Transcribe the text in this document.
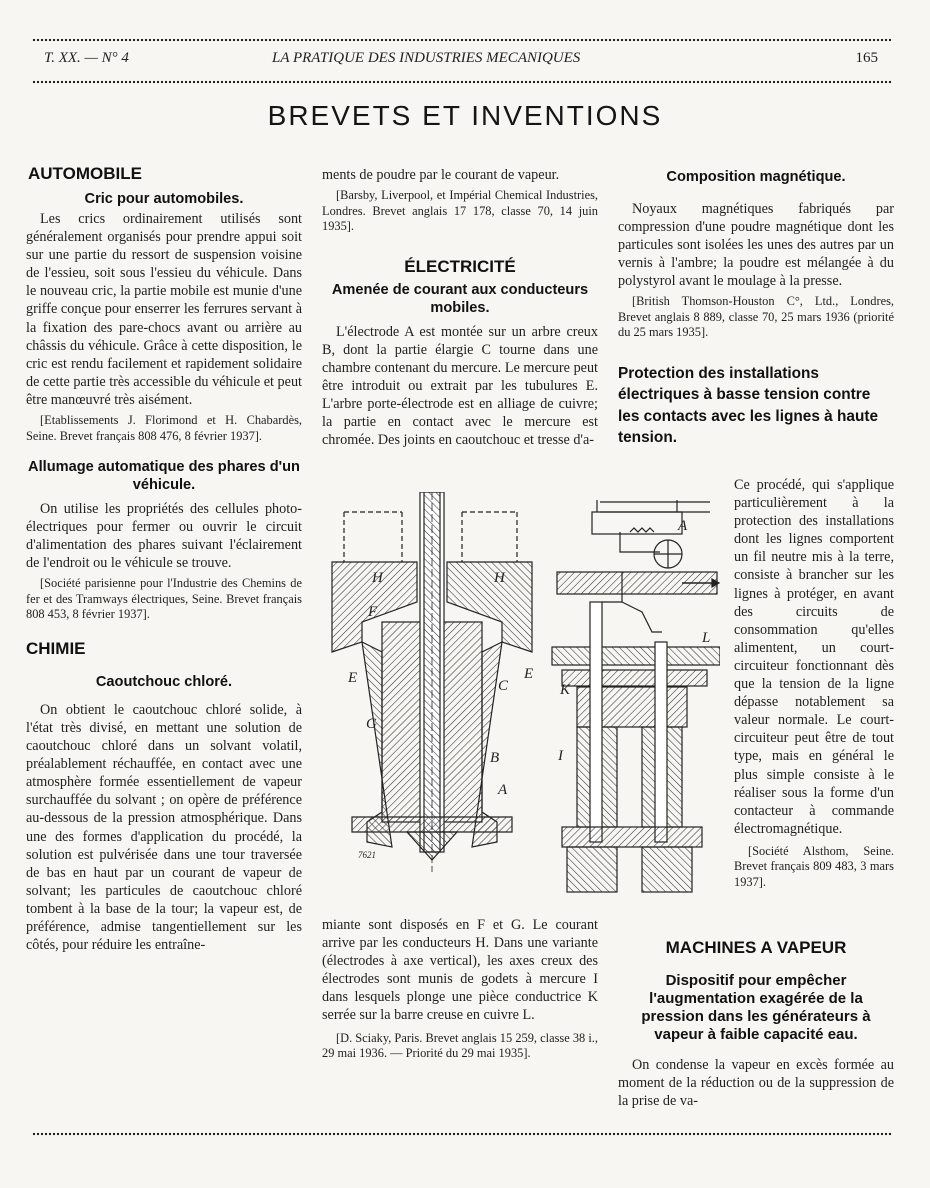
T. XX. — N° 4	LA PRATIQUE DES INDUSTRIES MECANIQUES	165
BREVETS ET INVENTIONS
AUTOMOBILE
Cric pour automobiles.

Les crics ordinairement utilisés sont généralement organisés pour prendre appui soit sur une partie du ressort de suspension voisine de l'essieu, soit sous l'essieu du véhicule. Dans le nouveau cric, la partie mobile est munie d'une griffe conçue pour enserrer les ferrures servant à la fixation des pare-chocs avant ou arrière au châssis du véhicule. Grâce à cette disposition, le cric est rendu facilement et rapidement solidaire de cette partie très accessible du véhicule et peut être manœuvré très aisément.

[Etablissements J. Florimond et H. Chabardès, Seine. Brevet français 808 476, 8 février 1937].

Allumage automatique des phares d'un véhicule.

On utilise les propriétés des cellules photo-électriques pour fermer ou ouvrir le circuit d'alimentation des phares suivant l'éclairement de l'endroit ou le véhicule se trouve.

[Société parisienne pour l'Industrie des Chemins de fer et des Tramways électriques, Seine. Brevet français 808 453, 8 février 1937].

CHIMIE
Caoutchouc chloré.

On obtient le caoutchouc chloré solide, à l'état très divisé, en mettant une solution de caoutchouc chloré dans un solvant volatil, préalablement réchauffée, en contact avec une atmosphère formée essentiellement de vapeur surchauffée du solvant ; on opère de préférence au-dessous de la pression atmosphérique. Dans une des formes d'application du procédé, la solution est pulvérisée dans une tour traversée de bas en haut par un courant de vapeur de solvant; les particules de caoutchouc chloré tombent à la base de la tour; la vapeur est, de préférence, admise tangentiellement sur les côtés, pour réduire les entraîne-

ments de poudre par le courant de vapeur.

[Barsby, Liverpool, et Impérial Chemical Industries, Londres. Brevet anglais 17 178, classe 70, 14 juin 1935].

ÉLECTRICITÉ
Amenée de courant aux conducteurs mobiles.

L'électrode A est montée sur un arbre creux B, dont la partie élargie C tourne dans une chambre contenant du mercure. Le mercure peut être introduit ou extrait par les tubulures E. L'arbre porte-électrode est en alliage de cuivre; la partie en contact avec le mercure est chromée. Des joints en caoutchouc et tresse d'a-

H	H
F
E	E
C
G
B
A
A
L
K
I
7621

miante sont disposés en F et G. Le courant arrive par les conducteurs H. Dans une variante (électrodes à axe vertical), les axes creux des électrodes sont munis de godets à mercure I dans lesquels plonge une pièce conductrice K serrée sur la barre creuse en cuivre L.

[D. Sciaky, Paris. Brevet anglais 15 259, classe 38 i., 29 mai 1936. — Priorité du 29 mai 1935].

Composition magnétique.

Noyaux magnétiques fabriqués par compression d'une poudre magnétique dont les particules sont isolées les unes des autres par un vernis à l'ambre; la poudre est mélangée à du polystyrol avant le moulage à la presse.

[British Thomson-Houston C°, Ltd., Londres, Brevet anglais 8 889, classe 70, 25 mars 1936 (priorité du 25 mars 1935].

Protection des installations électriques à basse tension contre les contacts avec les lignes à haute tension.

Ce procédé, qui s'applique particulièrement à la protection des installations dont les lignes comportent un fil neutre mis à la terre, consiste à brancher sur les lignes à protéger, en avant des circuits de consommation qu'elles alimentent, un court-circuiteur fonctionnant dès que la tension de la ligne dépasse notablement sa valeur normale. Le court-circuiteur peut être de tout type, mais en général le plus simple consiste à le réaliser sous la forme d'un contacteur à commande électromagnétique.

[Société Alsthom, Seine. Brevet français 809 483, 3 mars 1937].

MACHINES A VAPEUR
Dispositif pour empêcher l'augmentation exagérée de la pression dans les générateurs à vapeur à faible capacité eau.

On condense la vapeur en excès formée au moment de la réduction ou de la suppression de la prise de va-
